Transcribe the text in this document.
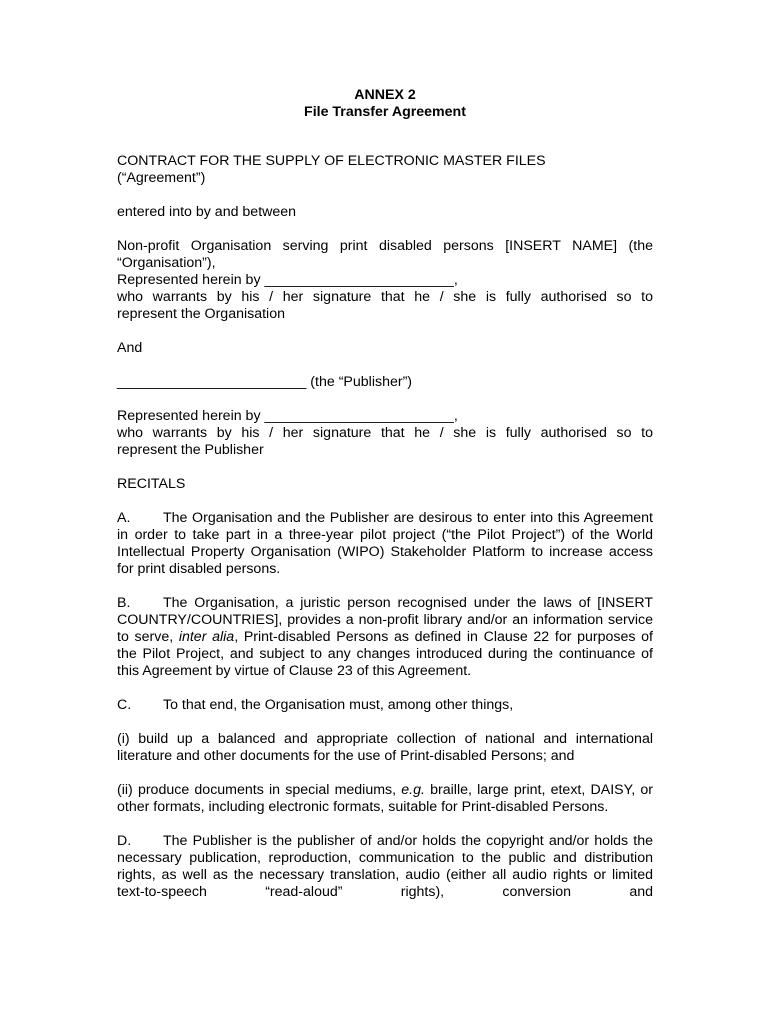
ANNEX 2

File Transfer Agreement

CONTRACT FOR THE SUPPLY OF ELECTRONIC MASTER FILES
(“Agreement”)

entered into by and between

Non-profit Organisation serving print disabled persons [INSERT NAME] (the
“Organisation”),
Represented herein by ________________________,
who warrants by his / her signature that he / she is fully authorised so to
represent the Organisation

And

________________________ (the “Publisher”)

Represented herein by ________________________,
who warrants by his / her signature that he / she is fully authorised so to
represent the Publisher

RECITALS

A. The Organisation and the Publisher are desirous to enter into this Agreement in order to take part in a three-year pilot project (“the Pilot Project”) of the World Intellectual Property Organisation (WIPO) Stakeholder Platform to increase access for print disabled persons.

B. The Organisation, a juristic person recognised under the laws of [INSERT COUNTRY/COUNTRIES], provides a non-profit library and/or an information service to serve, inter alia, Print-disabled Persons as defined in Clause 22 for purposes of the Pilot Project, and subject to any changes introduced during the continuance of this Agreement by virtue of Clause 23 of this Agreement.

C. To that end, the Organisation must, among other things,

(i) build up a balanced and appropriate collection of national and international literature and other documents for the use of Print-disabled Persons; and

(ii) produce documents in special mediums, e.g. braille, large print, etext, DAISY, or other formats, including electronic formats, suitable for Print-disabled Persons.

D. The Publisher is the publisher of and/or holds the copyright and/or holds the necessary publication, reproduction, communication to the public and distribution rights, as well as the necessary translation, audio (either all audio rights or limited text-to-speech “read-aloud” rights), conversion and
